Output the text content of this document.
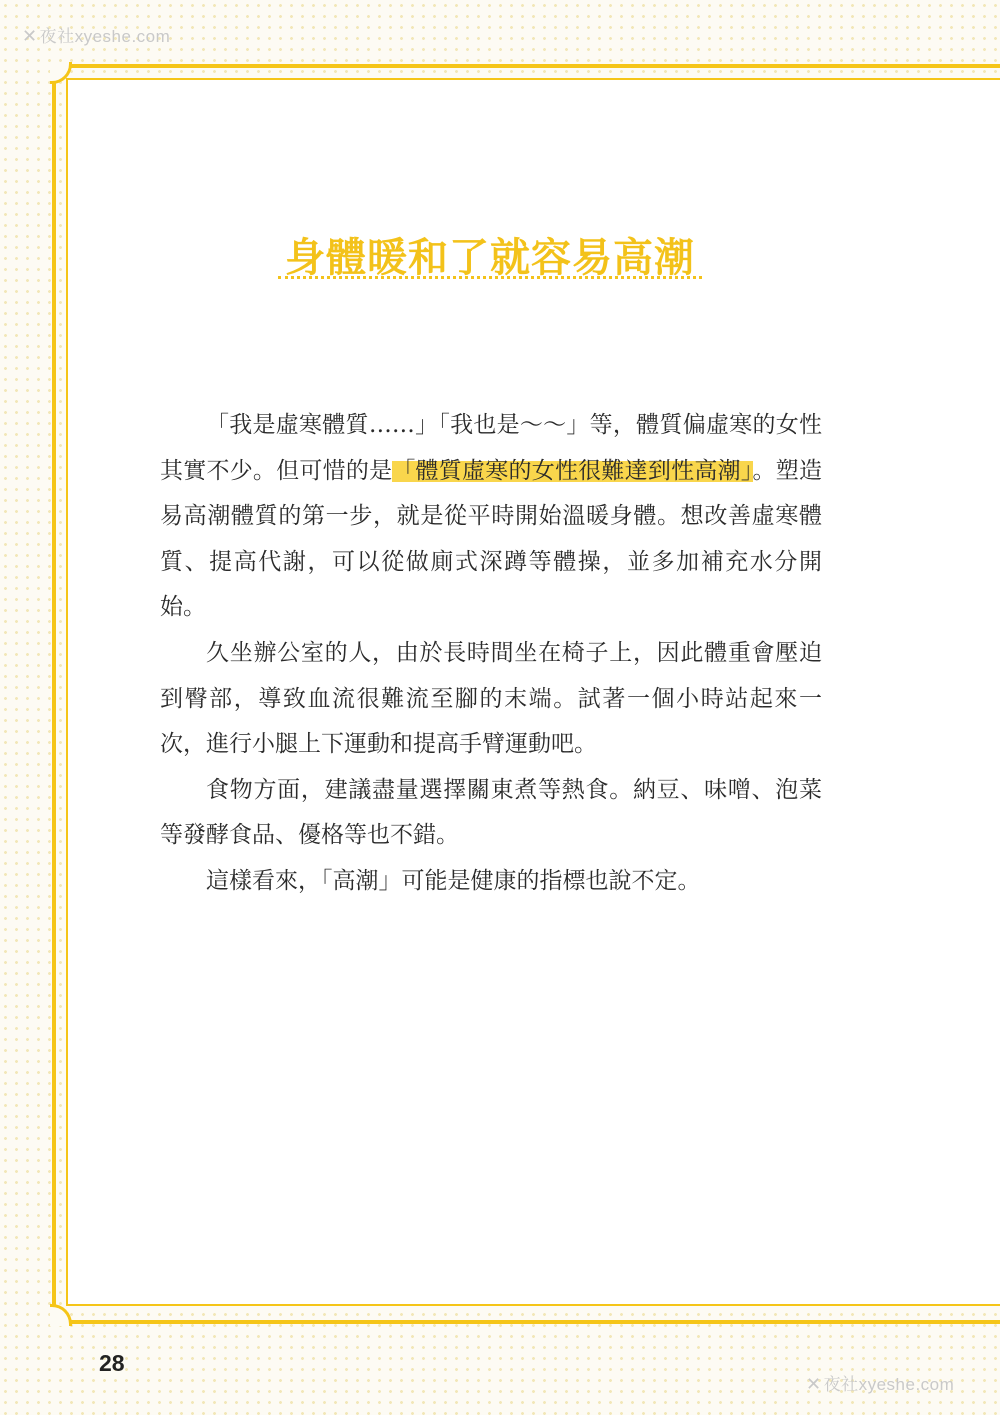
✕ 夜社xyeshe.com
身體暖和了就容易高潮

「我是虛寒體質……」「我也是〜〜」等，體質偏虛寒的女性其實不少。但可惜的是「體質虛寒的女性很難達到性高潮」。塑造易高潮體質的第一步，就是從平時開始溫暖身體。想改善虛寒體質、提高代謝，可以從做廁式深蹲等體操，並多加補充水分開始。

久坐辦公室的人，由於長時間坐在椅子上，因此體重會壓迫到臀部，導致血流很難流至腳的末端。試著一個小時站起來一次，進行小腿上下運動和提高手臂運動吧。

食物方面，建議盡量選擇關東煮等熱食。納豆、味噌、泡菜等發酵食品、優格等也不錯。

這樣看來，「高潮」可能是健康的指標也說不定。

28
✕ 夜社xyeshe.com
